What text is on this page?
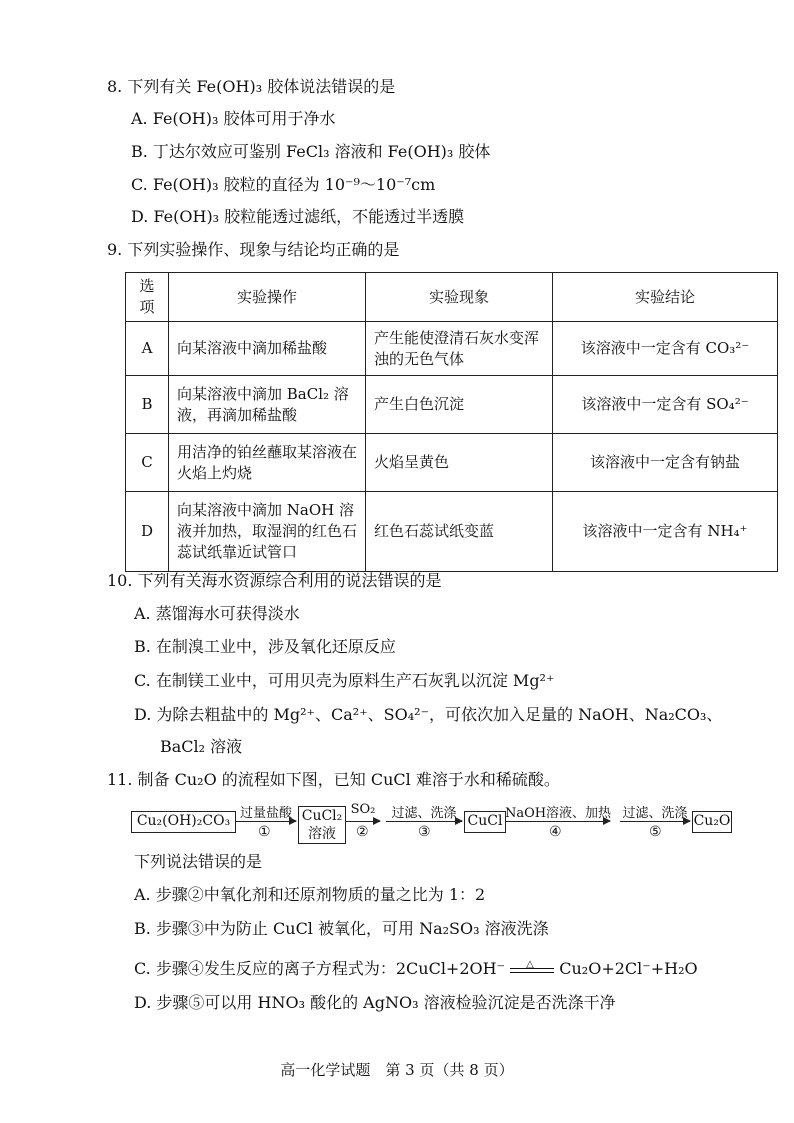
8. 下列有关 Fe(OH)₃ 胶体说法错误的是
A. Fe(OH)₃ 胶体可用于净水
B. 丁达尔效应可鉴别 FeCl₃ 溶液和 Fe(OH)₃ 胶体
C. Fe(OH)₃ 胶粒的直径为 10⁻⁹～10⁻⁷cm
D. Fe(OH)₃ 胶粒能透过滤纸，不能透过半透膜
9. 下列实验操作、现象与结论均正确的是
选项	实验操作	实验现象	实验结论
A	向某溶液中滴加稀盐酸	产生能使澄清石灰水变浑浊的无色气体	该溶液中一定含有 CO₃²⁻
B	向某溶液中滴加 BaCl₂ 溶液，再滴加稀盐酸	产生白色沉淀	该溶液中一定含有 SO₄²⁻
C	用洁净的铂丝蘸取某溶液在火焰上灼烧	火焰呈黄色	该溶液中一定含有钠盐
D	向某溶液中滴加 NaOH 溶液并加热，取湿润的红色石蕊试纸靠近试管口	红色石蕊试纸变蓝	该溶液中一定含有 NH₄⁺
10. 下列有关海水资源综合利用的说法错误的是
A. 蒸馏海水可获得淡水
B. 在制溴工业中，涉及氧化还原反应
C. 在制镁工业中，可用贝壳为原料生产石灰乳以沉淀 Mg²⁺
D. 为除去粗盐中的 Mg²⁺、Ca²⁺、SO₄²⁻，可依次加入足量的 NaOH、Na₂CO₃、
BaCl₂ 溶液
11. 制备 Cu₂O 的流程如下图，已知 CuCl 难溶于水和稀硫酸。
Cu₂(OH)₂CO₃ 过量盐酸
①
CuCl₂
溶液
SO₂
②
过滤、洗涤
③
CuCl NaOH溶液、加热
④
过滤、洗涤
⑤
Cu₂O
下列说法错误的是
A. 步骤②中氧化剂和还原剂物质的量之比为 1：2
B. 步骤③中为防止 CuCl 被氧化，可用 Na₂SO₃ 溶液洗涤
C. 步骤④发生反应的离子方程式为：2CuCl+2OH⁻ △ Cu₂O+2Cl⁻+H₂O
D. 步骤⑤可以用 HNO₃ 酸化的 AgNO₃ 溶液检验沉淀是否洗涤干净
高一化学试题　第 3 页（共 8 页）
